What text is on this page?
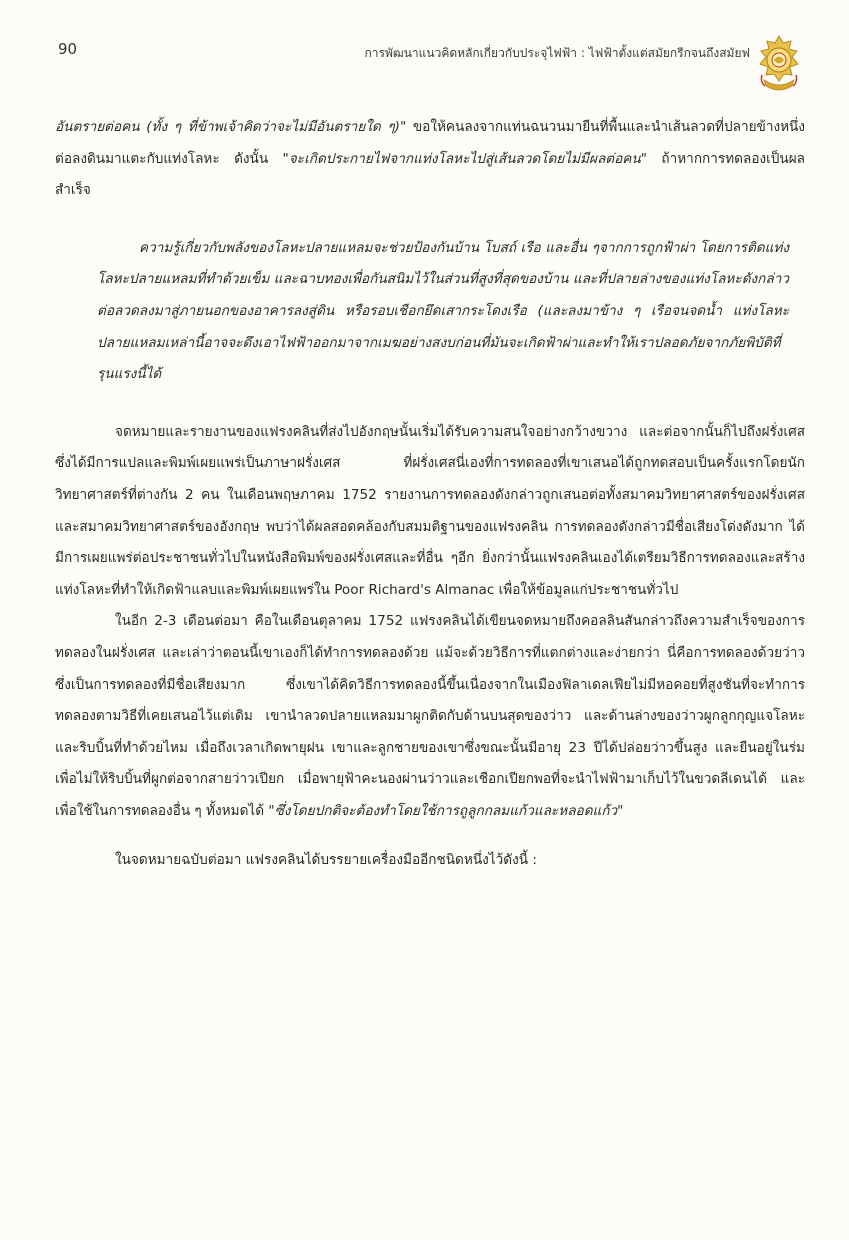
90	การพัฒนาแนวคิดหลักเกี่ยวกับประจุไฟฟ้า : ไฟฟ้าตั้งแต่สมัยกรีกจนถึงสมัยฟ

อันตรายต่อคน (ทั้ง ๆ ที่ข้าพเจ้าคิดว่าจะไม่มีอันตรายใด ๆ)" ขอให้คนลงจากแท่นฉนวนมายืนที่พื้นและนำเส้นลวดที่ปลายข้างหนึ่งต่อลงดินมาแตะกับแท่งโลหะ ดังนั้น "จะเกิดประกายไฟจากแท่งโลหะไปสู่เส้นลวดโดยไม่มีผลต่อคน" ถ้าหากการทดลองเป็นผลสำเร็จ

ความรู้เกี่ยวกับพลังของโลหะปลายแหลมจะช่วยป้องกันบ้าน โบสถ์ เรือ และอื่น ๆจากการถูกฟ้าผ่า โดยการติดแท่งโลหะปลายแหลมที่ทำด้วยเข็ม และฉาบทองเพื่อกันสนิมไว้ในส่วนที่สูงที่สุดของบ้าน และที่ปลายล่างของแท่งโลหะดังกล่าวต่อลวดลงมาสู่ภายนอกของอาคารลงสู่ดิน หรือรอบเชือกยึดเสากระโดงเรือ (และลงมาข้าง ๆ เรือจนจดน้ำ แท่งโลหะปลายแหลมเหล่านี้อาจจะดึงเอาไฟฟ้าออกมาจากเมฆอย่างสงบก่อนที่มันจะเกิดฟ้าผ่าและทำให้เราปลอดภัยจากภัยพิบัติที่รุนแรงนี้ได้

จดหมายและรายงานของแฟรงคลินที่ส่งไปอังกฤษนั้นเริ่มได้รับความสนใจอย่างกว้างขวาง และต่อจากนั้นก็ไปถึงฝรั่งเศส ซึ่งได้มีการแปลและพิมพ์เผยแพร่เป็นภาษาฝรั่งเศส ที่ฝรั่งเศสนี่เองที่การทดลองที่เขาเสนอได้ถูกทดสอบเป็นครั้งแรกโดยนักวิทยาศาสตร์ที่ต่างกัน 2 คน ในเดือนพฤษภาคม 1752 รายงานการทดลองดังกล่าวถูกเสนอต่อทั้งสมาคมวิทยาศาสตร์ของฝรั่งเศสและสมาคมวิทยาศาสตร์ของอังกฤษ พบว่าได้ผลสอดคล้องกับสมมติฐานของแฟรงคลิน การทดลองดังกล่าวมีชื่อเสียงโด่งดังมาก ได้มีการเผยแพร่ต่อประชาชนทั่วไปในหนังสือพิมพ์ของฝรั่งเศสและที่อื่น ๆอีก ยิ่งกว่านั้นแฟรงคลินเองได้เตรียมวิธีการทดลองและสร้างแท่งโลหะที่ทำให้เกิดฟ้าแลบและพิมพ์เผยแพร่ใน Poor Richard's Almanac เพื่อให้ข้อมูลแก่ประชาชนทั่วไป

ในอีก 2-3 เดือนต่อมา คือในเดือนตุลาคม 1752 แฟรงคลินได้เขียนจดหมายถึงคอลลินสันกล่าวถึงความสำเร็จของการทดลองในฝรั่งเศส และเล่าว่าตอนนี้เขาเองก็ได้ทำการทดลองด้วย แม้จะด้วยวิธีการที่แตกต่างและง่ายกว่า นี่คือการทดลองด้วยว่าวซึ่งเป็นการทดลองที่มีชื่อเสียงมาก ซึ่งเขาได้คิดวิธีการทดลองนี้ขึ้นเนื่องจากในเมืองฟิลาเดลเฟียไม่มีหอคอยที่สูงชันที่จะทำการทดลองตามวิธีที่เคยเสนอไว้แต่เดิม เขานำลวดปลายแหลมมาผูกติดกับด้านบนสุดของว่าว และด้านล่างของว่าวผูกลูกกุญแจโลหะและริบบิ้นที่ทำด้วยไหม เมื่อถึงเวลาเกิดพายุฝน เขาและลูกชายของเขาซึ่งขณะนั้นมีอายุ 23 ปีได้ปล่อยว่าวขึ้นสูง และยืนอยู่ในร่มเพื่อไม่ให้ริบบิ้นที่ผูกต่อจากสายว่าวเปียก เมื่อพายุฟ้าคะนองผ่านว่าวและเชือกเปียกพอที่จะนำไฟฟ้ามาเก็บไว้ในขวดลีเดนได้ และเพื่อใช้ในการทดลองอื่น ๆ ทั้งหมดได้ "ซึ่งโดยปกติจะต้องทำโดยใช้การถูลูกกลมแก้วและหลอดแก้ว"

ในจดหมายฉบับต่อมา แฟรงคลินได้บรรยายเครื่องมืออีกชนิดหนึ่งไว้ดังนี้ :
